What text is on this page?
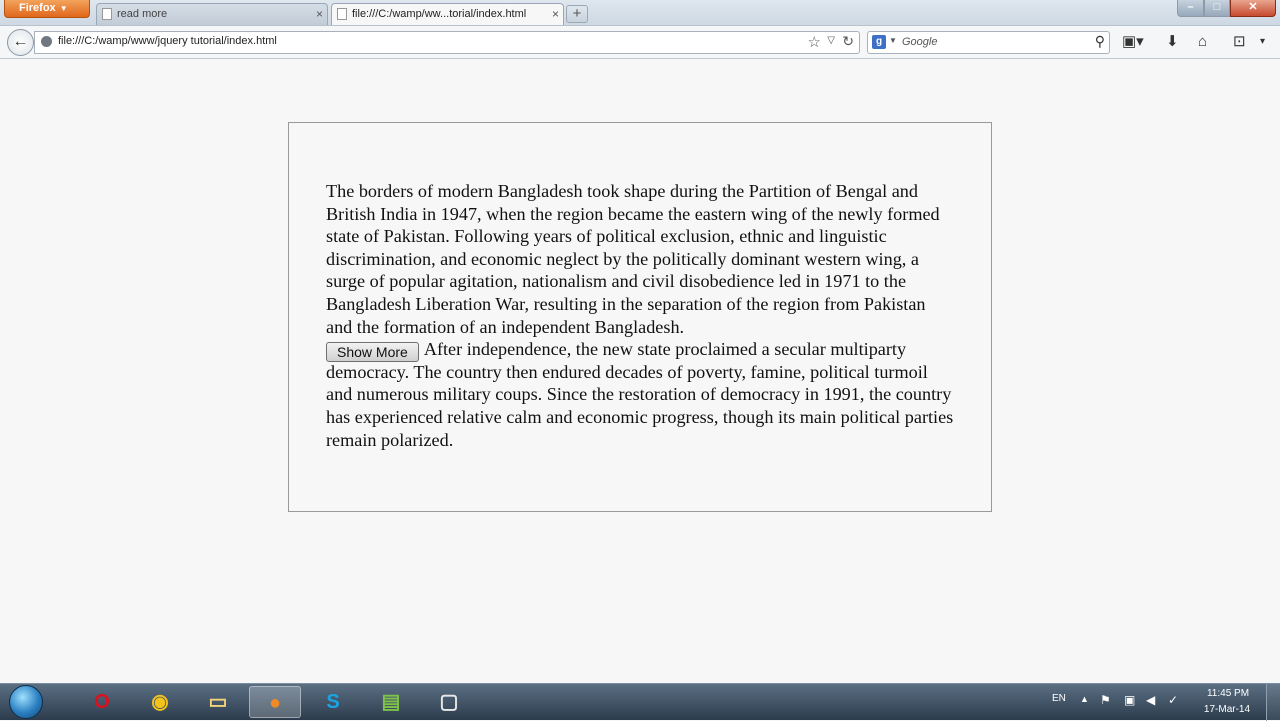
Firefox ▼	read more	×	file:///C:/wamp/ww...torial/index.html × +	–	□	✕
←	file:///C:/wamp/www/jquery tutorial/index.html	☆ ▽ ↻	g ▼ Google	⚲ ▣▾ ⬇ ⌂ ⊡ ▾
The borders of modern Bangladesh took shape during the Partition of Bengal and British India in 1947, when the region became the eastern wing of the newly formed state of Pakistan. Following years of political exclusion, ethnic and linguistic discrimination, and economic neglect by the politically dominant western wing, a surge of popular agitation, nationalism and civil disobedience led in 1971 to the Bangladesh Liberation War, resulting in the separation of the region from Pakistan and the formation of an independent Bangladesh.
Show More After independence, the new state proclaimed a secular multiparty democracy. The country then endured decades of poverty, famine, political turmoil and numerous military coups. Since the restoration of democracy in 1991, the country has experienced relative calm and economic progress, though its main political parties remain polarized.
O	◉	▭	●	S	▤	▢	EN ▲ ⚑ ▣ ◀ ✓	11:45 PM
17-Mar-14
